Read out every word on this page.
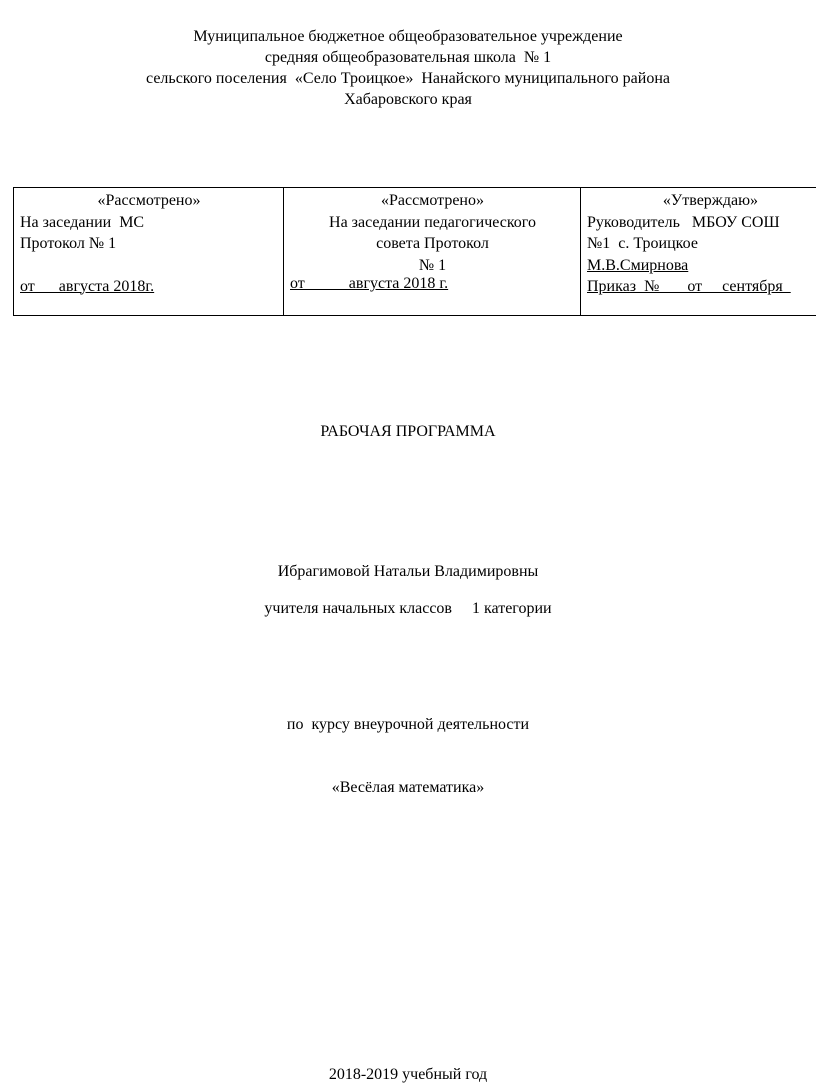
Муниципальное бюджетное общеобразовательное учреждение
средняя общеобразовательная школа  № 1
сельского поселения  «Село Троицкое»  Нанайского муниципального района
Хабаровского края
«Рассмотрено»
На заседании  МС
Протокол № 1
от      августа 2018г.

«Рассмотрено»
На заседании педагогического
совета Протокол
№ 1
от           августа 2018 г.

«Утверждаю»
Руководитель   МБОУ СОШ
№1  с. Троицкое
М.В.Смирнова
Приказ  №       от     сентября
РАБОЧАЯ ПРОГРАММА
Ибрагимовой Натальи Владимировны
учителя начальных классов     1 категории
по  курсу внеурочной деятельности
«Весёлая математика»
2018-2019 учебный год
